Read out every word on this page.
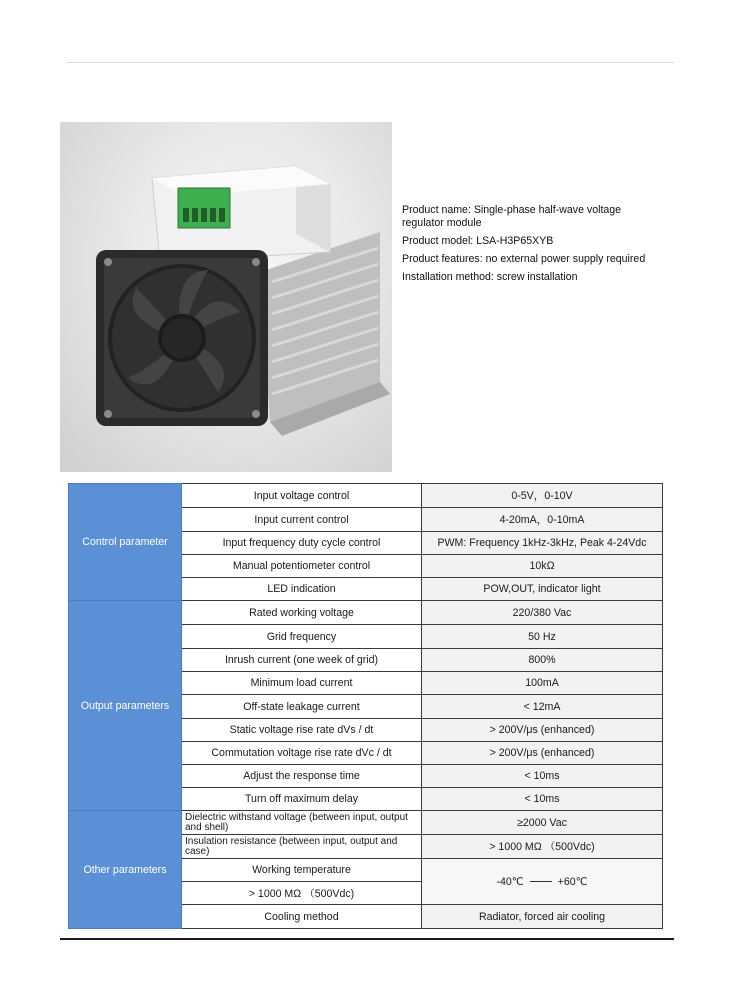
Product name: Single-phase half-wave voltage

regulator module

Product model: LSA-H3P65XYB

Product features: no external power supply required

Installation method: screw installation

Control parameter	Input voltage control	0-5V，0-10V
	Input current control	4-20mA，0-10mA
	Input frequency duty cycle control	PWM: Frequency 1kHz-3kHz, Peak 4-24Vdc
	Manual potentiometer control	10kΩ
	LED indication	POW,OUT, indicator light
Output parameters	Rated working voltage	220/380 Vac
	Grid frequency	50 Hz
	Inrush current (one week of grid)	800%
	Minimum load current	100mA
	Off-state leakage current	< 12mA
	Static voltage rise rate dVs / dt	> 200V/μs (enhanced)
	Commutation voltage rise rate dVc / dt	> 200V/μs (enhanced)
	Adjust the response time	< 10ms
	Turn off maximum delay	< 10ms
Other parameters	Dielectric withstand voltage (between input, output and shell)	≥2000 Vac
	Insulation resistance (between input, output and case)	> 1000 MΩ （500Vdc)
	Working temperature	-40℃ +60℃
	> 1000 MΩ （500Vdc)	
	Cooling method	Radiator, forced air cooling
